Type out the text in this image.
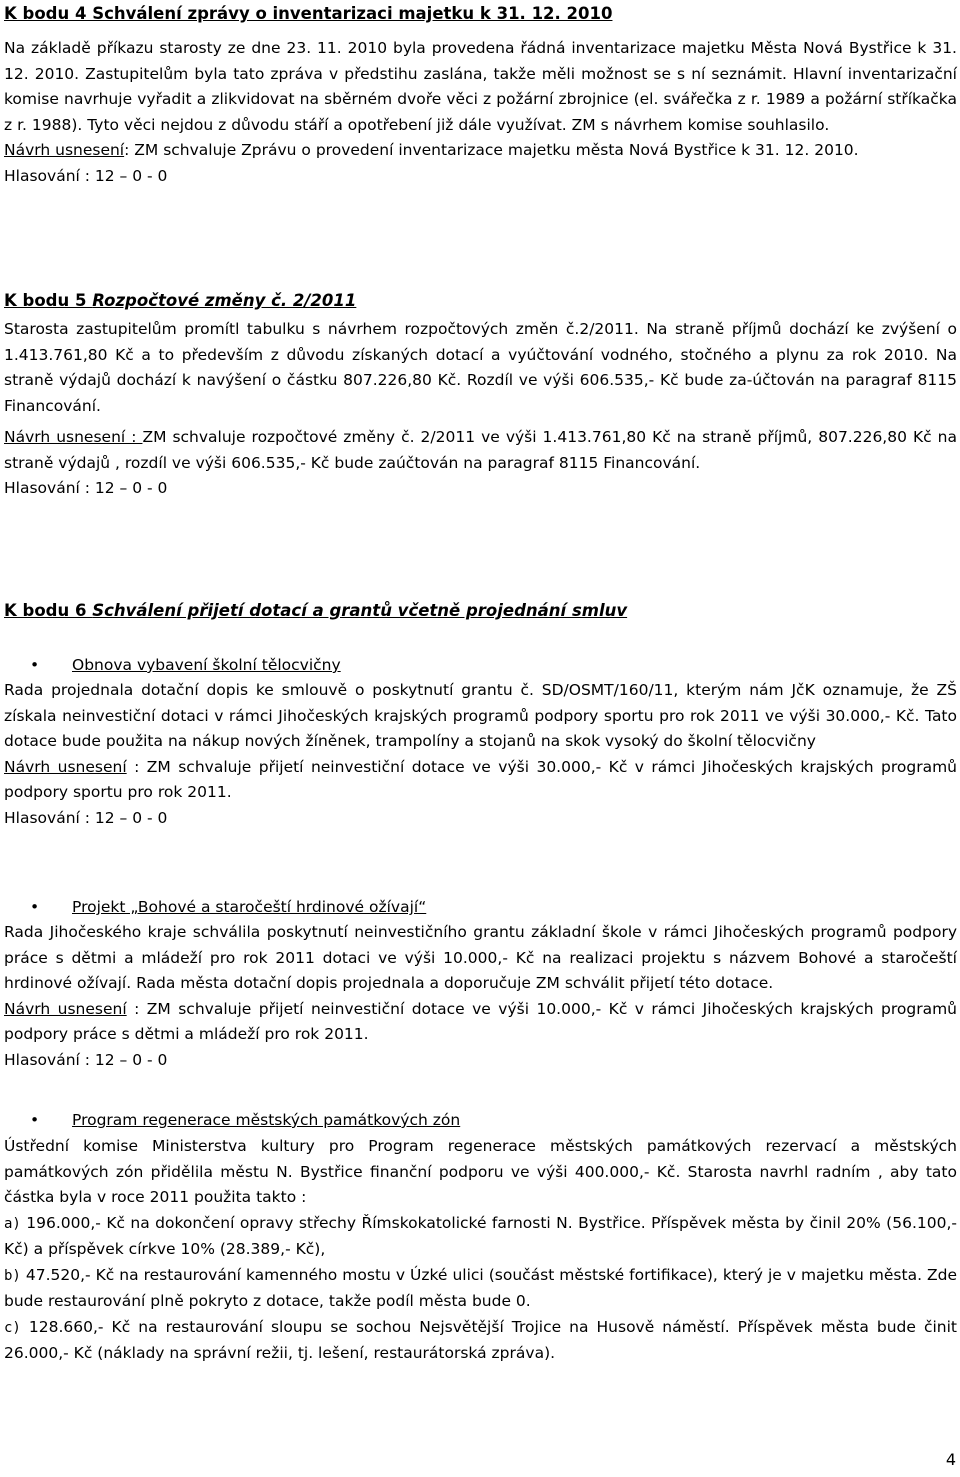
K bodu 4 Schválení zprávy o inventarizaci majetku k 31. 12. 2010

Na základě příkazu starosty ze dne 23. 11. 2010 byla provedena řádná inventarizace majetku Města Nová Bystřice k 31. 12. 2010. Zastupitelům byla tato zpráva v předstihu zaslána, takže měli možnost se s ní seznámit. Hlavní inventarizační komise navrhuje vyřadit a zlikvidovat na sběrném dvoře věci z požární zbrojnice (el. svářečka z r. 1989 a požární stříkačka z r. 1988). Tyto věci nejdou z důvodu stáří a opotřebení již dále využívat. ZM s návrhem komise souhlasilo.

Návrh usnesení: ZM schvaluje Zprávu o provedení inventarizace majetku města Nová Bystřice k 31. 12. 2010.

Hlasování : 12 – 0 - 0

K bodu 5 Rozpočtové změny č. 2/2011

Starosta zastupitelům promítl tabulku s návrhem rozpočtových změn č.2/2011. Na straně příjmů dochází ke zvýšení o 1.413.761,80 Kč a to především z důvodu získaných dotací a vyúčtování vodného, stočného a plynu za rok 2010. Na straně výdajů dochází k navýšení o částku 807.226,80 Kč. Rozdíl ve výši 606.535,- Kč bude za-účtován na paragraf 8115 Financování.

Návrh usnesení : ZM schvaluje rozpočtové změny č. 2/2011 ve výši 1.413.761,80 Kč na straně příjmů, 807.226,80 Kč na straně výdajů , rozdíl ve výši 606.535,- Kč bude zaúčtován na paragraf 8115 Financování.

Hlasování : 12 – 0 - 0

K bodu 6 Schválení přijetí dotací a grantů včetně projednání smluv

• Obnova vybavení školní tělocvičny

Rada projednala dotační dopis ke smlouvě o poskytnutí grantu č. SD/OSMT/160/11, kterým nám JčK oznamuje, že ZŠ získala neinvestiční dotaci v rámci Jihočeských krajských programů podpory sportu pro rok 2011 ve výši 30.000,- Kč. Tato dotace bude použita na nákup nových žíněnek, trampolíny a stojanů na skok vysoký do školní tělocvičny

Návrh usnesení : ZM schvaluje přijetí neinvestiční dotace ve výši 30.000,- Kč v rámci Jihočeských krajských programů podpory sportu pro rok 2011.

Hlasování : 12 – 0 - 0

• Projekt „Bohové a staročeští hrdinové ožívají“

Rada Jihočeského kraje schválila poskytnutí neinvestičního grantu základní škole v rámci Jihočeských programů podpory práce s dětmi a mládeží pro rok 2011 dotaci ve výši 10.000,- Kč na realizaci projektu s názvem Bohové a staročeští hrdinové ožívají. Rada města dotační dopis projednala a doporučuje ZM schválit přijetí této dotace.

Návrh usnesení : ZM schvaluje přijetí neinvestiční dotace ve výši 10.000,- Kč v rámci Jihočeských krajských programů podpory práce s dětmi a mládeží pro rok 2011.

Hlasování : 12 – 0 - 0

• Program regenerace městských památkových zón

Ústřední komise Ministerstva kultury pro Program regenerace městských památkových rezervací a městských památkových zón přidělila městu N. Bystřice finanční podporu ve výši 400.000,- Kč. Starosta navrhl radním , aby tato částka byla v roce 2011 použita takto :

a) 196.000,- Kč na dokončení opravy střechy Římskokatolické farnosti N. Bystřice. Příspěvek města by činil 20% (56.100,- Kč) a příspěvek církve 10% (28.389,- Kč),

b) 47.520,- Kč na restaurování kamenného mostu v Úzké ulici (součást městské fortifikace), který je v majetku města. Zde bude restaurování plně pokryto z dotace, takže podíl města bude 0.

c) 128.660,- Kč na restaurování sloupu se sochou Nejsvětější Trojice na Husově náměstí. Příspěvek města bude činit 26.000,- Kč (náklady na správní režii, tj. lešení, restaurátorská zpráva).

4
